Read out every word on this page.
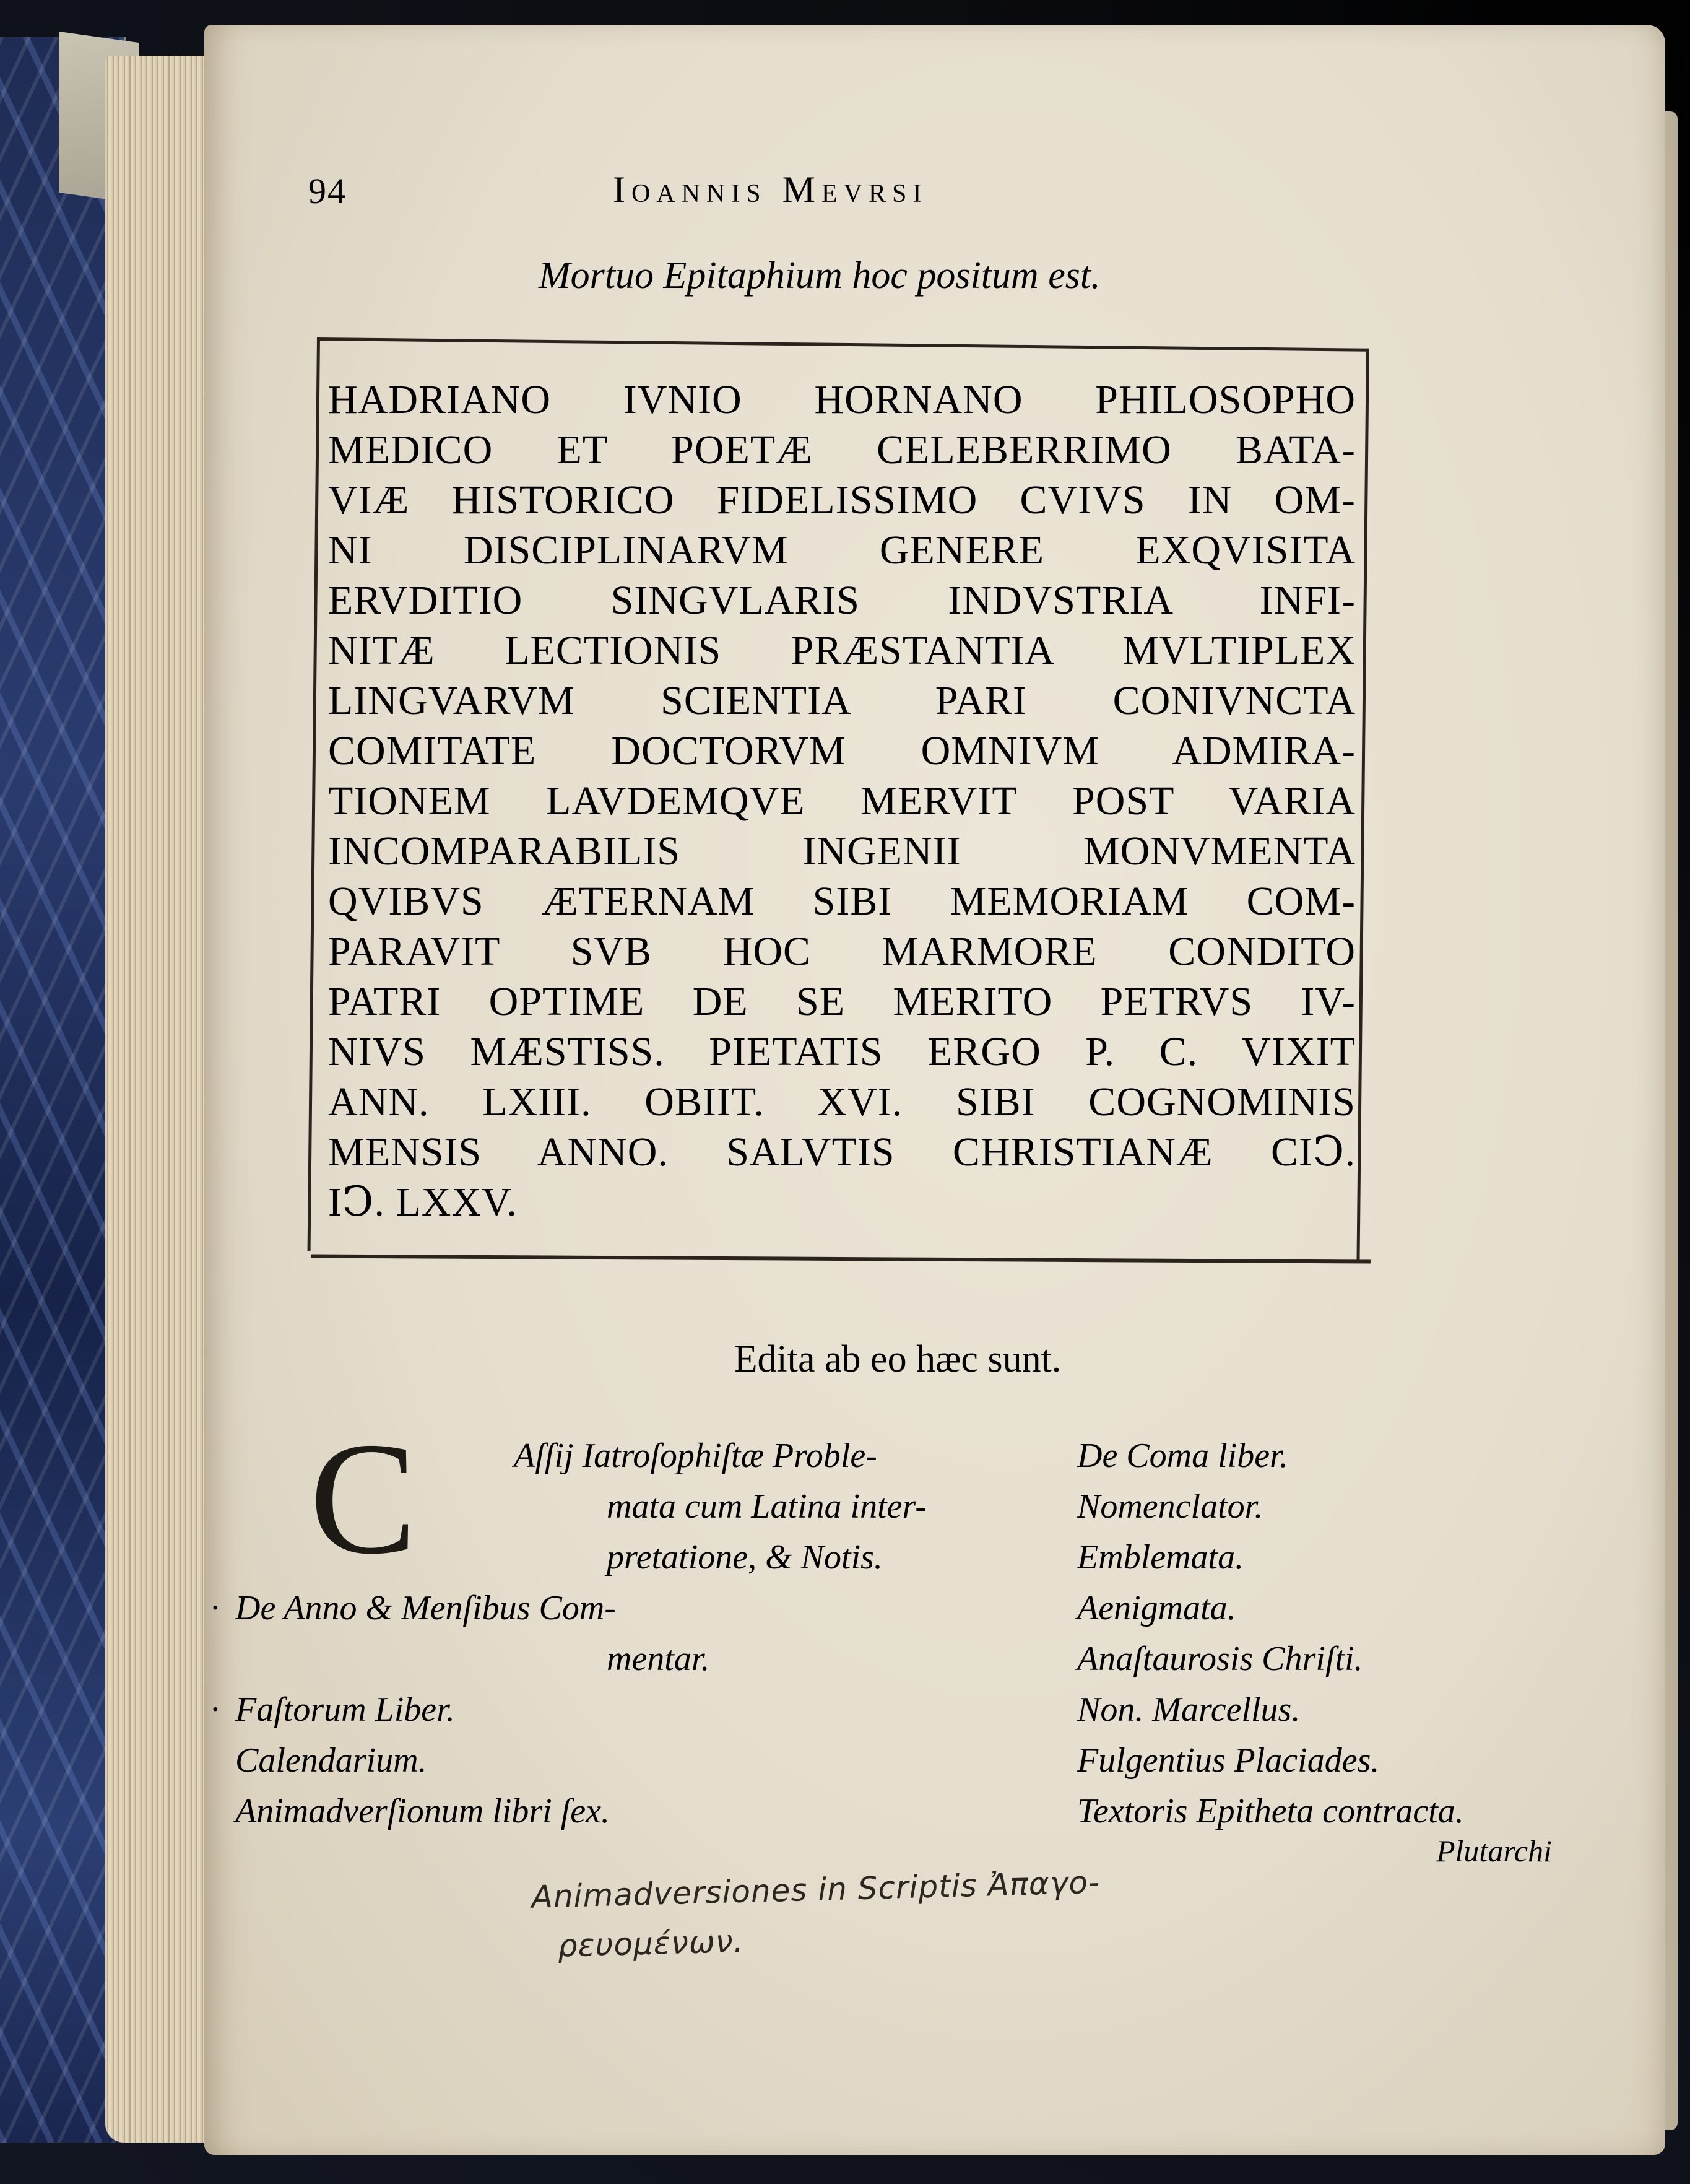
94	Ioannis Mevrsi
Mortuo Epitaphium hoc positum est.
HADRIANO IVNIO HORNANO PHILOSOPHO
MEDICO ET POETÆ CELEBERRIMO BATA-
VIÆ HISTORICO FIDELISSIMO CVIVS IN OM-
NI DISCIPLINARVM GENERE EXQVISITA
ERVDITIO SINGVLARIS INDVSTRIA INFI-
NITÆ LECTIONIS PRÆSTANTIA MVLTIPLEX
LINGVARVM SCIENTIA PARI CONIVNCTA
COMITATE DOCTORVM OMNIVM ADMIRA-
TIONEM LAVDEMQVE MERVIT POST VARIA
INCOMPARABILIS INGENII MONVMENTA
QVIBVS ÆTERNAM SIBI MEMORIAM COM-
PARAVIT SVB HOC MARMORE CONDITO
PATRI OPTIME DE SE MERITO PETRVS IV-
NIVS MÆSTISS. PIETATIS ERGO P. C. VIXIT
ANN. LXIII. OBIIT. XVI. SIBI COGNOMINIS
MENSIS ANNO. SALVTIS CHRISTIANÆ CIↃ.
IↃ. LXXV.
Edita ab eo hæc sunt.
C	Aſſij Iatroſophiſtæ Proble-
mata cum Latina inter-
pretatione, & Notis.
· De Anno & Menſibus Com-
mentar.
· Faſtorum Liber.
Calendarium.
Animadverſionum libri ſex.
De Coma liber.
Nomenclator.
Emblemata.
Aenigmata.
Anaſtaurosis Chriſti.
Non. Marcellus.
Fulgentius Placiades.
Textoris Epitheta contracta.
Plutarchi
Animadversiones in Scriptis Ἀπαγο-
ρευομένων.
